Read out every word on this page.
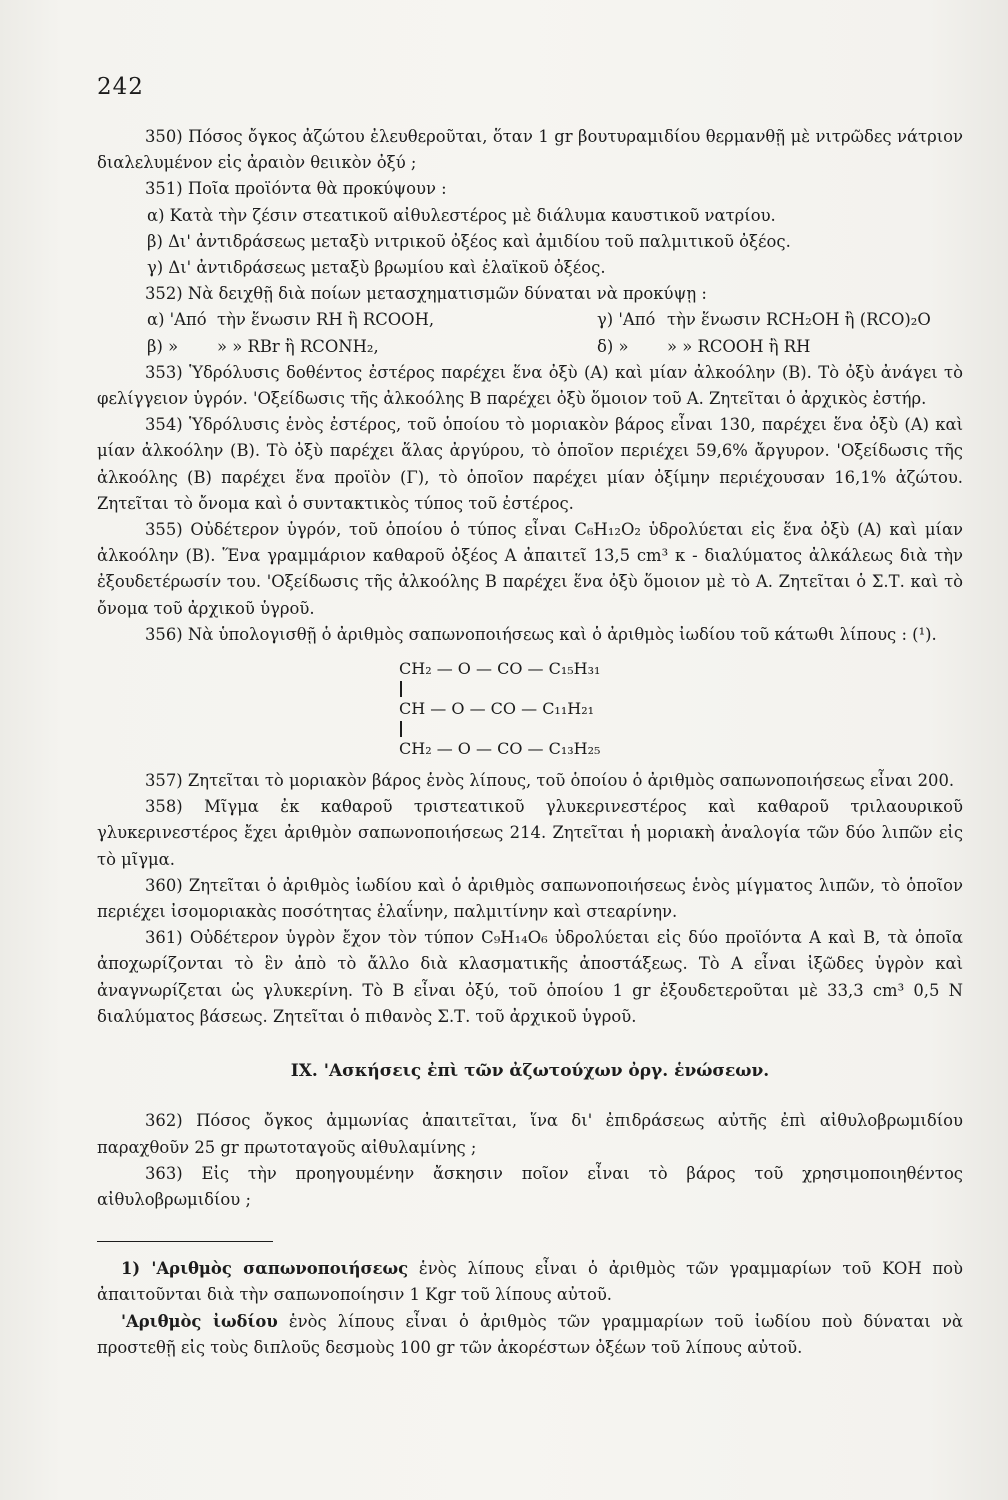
242

350) Πόσος ὄγκος ἀζώτου ἐλευθεροῦται, ὅταν 1 gr βουτυραμιδίου θερμανθῇ μὲ νιτρῶδες νάτριον διαλελυμένον εἰς ἀραιὸν θειικὸν ὀξύ ;

351) Ποῖα προϊόντα θὰ προκύψουν :

α) Κατὰ τὴν ζέσιν στεατικοῦ αἰθυλεστέρος μὲ διάλυμα καυστικοῦ νατρίου.

β) Δι' ἀντιδράσεως μεταξὺ νιτρικοῦ ὀξέος καὶ ἀμιδίου τοῦ παλμιτικοῦ ὀξέος.

γ) Δι' ἀντιδράσεως μεταξὺ βρωμίου καὶ ἐλαϊκοῦ ὀξέος.

352) Νὰ δειχθῇ διὰ ποίων μετασχηματισμῶν δύναται νὰ προκύψῃ :

α) 'Από τὴν ἕνωσιν RH ἢ RCOOH,	γ) 'Από τὴν ἕνωσιν RCH₂OH ἢ (RCO)₂O
β) »	» » RBr ἢ RCONH₂,	δ) »	» » RCOOH ἢ RH

353) Ὑδρόλυσις δοθέντος ἐστέρος παρέχει ἕνα ὀξὺ (A) καὶ μίαν ἀλκοόλην (B). Τὸ ὀξὺ ἀνάγει τὸ φελίγγειον ὑγρόν. 'Οξείδωσις τῆς ἀλκοόλης B παρέχει ὀξὺ ὅμοιον τοῦ A. Ζητεῖται ὁ ἀρχικὸς ἐστήρ.

354) Ὑδρόλυσις ἑνὸς ἐστέρος, τοῦ ὁποίου τὸ μοριακὸν βάρος εἶναι 130, παρέχει ἕνα ὀξὺ (A) καὶ μίαν ἀλκοόλην (B). Τὸ ὀξὺ παρέχει ἅλας ἀργύρου, τὸ ὁποῖον περιέχει 59,6% ἄργυρον. 'Οξείδωσις τῆς ἀλκοόλης (B) παρέχει ἕνα προϊὸν (Γ), τὸ ὁποῖον παρέχει μίαν ὀξίμην περιέχουσαν 16,1% ἀζώτου. Ζητεῖται τὸ ὄνομα καὶ ὁ συντακτικὸς τύπος τοῦ ἐστέρος.

355) Οὐδέτερον ὑγρόν, τοῦ ὁποίου ὁ τύπος εἶναι C₆H₁₂O₂ ὑδρολύεται εἰς ἕνα ὀξὺ (A) καὶ μίαν ἀλκοόλην (B). Ἕνα γραμμάριον καθαροῦ ὀξέος A ἀπαιτεῖ 13,5 cm³ κ - διαλύματος ἀλκάλεως διὰ τὴν ἐξουδετέρωσίν του. 'Οξείδωσις τῆς ἀλκοόλης B παρέχει ἕνα ὀξὺ ὅμοιον μὲ τὸ A. Ζητεῖται ὁ Σ.Τ. καὶ τὸ ὄνομα τοῦ ἀρχικοῦ ὑγροῦ.

356) Νὰ ὑπολογισθῇ ὁ ἀριθμὸς σαπωνοποιήσεως καὶ ὁ ἀριθμὸς ἰωδίου τοῦ κάτωθι λίπους : (¹).

CH₂ — O — CO — C₁₅H₃₁
CH — O — CO — C₁₁H₂₁
CH₂ — O — CO — C₁₃H₂₅

357) Ζητεῖται τὸ μοριακὸν βάρος ἑνὸς λίπους, τοῦ ὁποίου ὁ ἀριθμὸς σαπωνοποιήσεως εἶναι 200.

358) Μῖγμα ἐκ καθαροῦ τριστεατικοῦ γλυκερινεστέρος καὶ καθαροῦ τριλαουρικοῦ γλυκερινεστέρος ἔχει ἀριθμὸν σαπωνοποιήσεως 214. Ζητεῖται ἡ μοριακὴ ἀναλογία τῶν δύο λιπῶν εἰς τὸ μῖγμα.

360) Ζητεῖται ὁ ἀριθμὸς ἰωδίου καὶ ὁ ἀριθμὸς σαπωνοποιήσεως ἑνὸς μίγματος λιπῶν, τὸ ὁποῖον περιέχει ἰσομοριακὰς ποσότητας ἐλαΐνην, παλμιτίνην καὶ στεαρίνην.

361) Οὐδέτερον ὑγρὸν ἔχον τὸν τύπον C₉H₁₄O₆ ὑδρολύεται εἰς δύο προϊόντα A καὶ B, τὰ ὁποῖα ἀποχωρίζονται τὸ ἓν ἀπὸ τὸ ἄλλο διὰ κλασματικῆς ἀποστάξεως. Τὸ A εἶναι ἰξῶδες ὑγρὸν καὶ ἀναγνωρίζεται ὡς γλυκερίνη. Τὸ B εἶναι ὀξύ, τοῦ ὁποίου 1 gr ἐξουδετεροῦται μὲ 33,3 cm³ 0,5 N διαλύματος βάσεως. Ζητεῖται ὁ πιθανὸς Σ.Τ. τοῦ ἀρχικοῦ ὑγροῦ.

IX. 'Ασκήσεις ἐπὶ τῶν ἀζωτούχων ὀργ. ἑνώσεων.

362) Πόσος ὄγκος ἀμμωνίας ἀπαιτεῖται, ἵνα δι' ἐπιδράσεως αὐτῆς ἐπὶ αἰθυλοβρωμιδίου παραχθοῦν 25 gr πρωτοταγοῦς αἰθυλαμίνης ;

363) Εἰς τὴν προηγουμένην ἄσκησιν ποῖον εἶναι τὸ βάρος τοῦ χρησιμοποιηθέντος αἰθυλοβρωμιδίου ;

1) 'Αριθμὸς σαπωνοποιήσεως ἑνὸς λίπους εἶναι ὁ ἀριθμὸς τῶν γραμμαρίων τοῦ KOH ποὺ ἀπαιτοῦνται διὰ τὴν σαπωνοποίησιν 1 Kgr τοῦ λίπους αὐτοῦ.

'Αριθμὸς ἰωδίου ἑνὸς λίπους εἶναι ὁ ἀριθμὸς τῶν γραμμαρίων τοῦ ἰωδίου ποὺ δύναται νὰ προστεθῇ εἰς τοὺς διπλοῦς δεσμοὺς 100 gr τῶν ἀκορέστων ὀξέων τοῦ λίπους αὐτοῦ.
